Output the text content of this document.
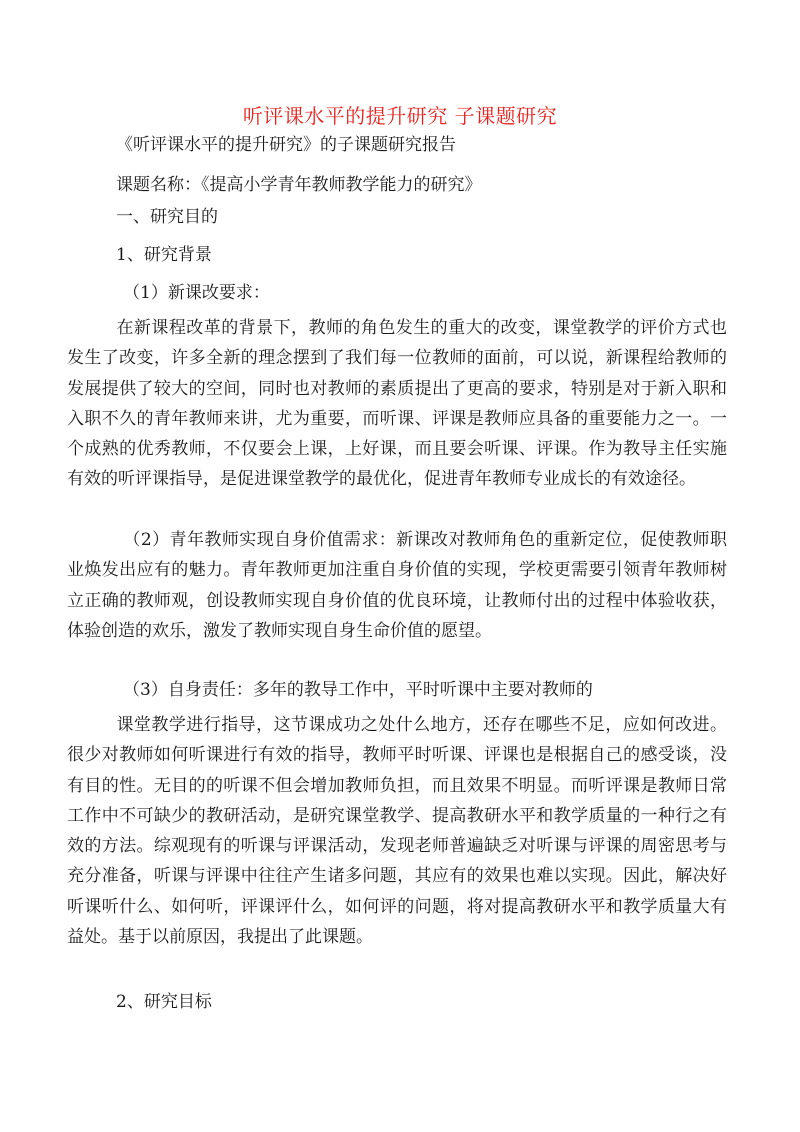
听评课水平的提升研究 子课题研究
《听评课水平的提升研究》的子课题研究报告
课题名称：《提高小学青年教师教学能力的研究》
一、研究目的
1、研究背景
（1）新课改要求：
在新课程改革的背景下，教师的角色发生的重大的改变，课堂教学的评价方式也发生了改变，许多全新的理念摆到了我们每一位教师的面前，可以说，新课程给教师的发展提供了较大的空间，同时也对教师的素质提出了更高的要求，特别是对于新入职和入职不久的青年教师来讲，尤为重要，而听课、评课是教师应具备的重要能力之一。一个成熟的优秀教师，不仅要会上课，上好课，而且要会听课、评课。作为教导主任实施有效的听评课指导，是促进课堂教学的最优化，促进青年教师专业成长的有效途径。
（2）青年教师实现自身价值需求：新课改对教师角色的重新定位，促使教师职业焕发出应有的魅力。青年教师更加注重自身价值的实现，学校更需要引领青年教师树立正确的教师观，创设教师实现自身价值的优良环境，让教师付出的过程中体验收获，体验创造的欢乐，激发了教师实现自身生命价值的愿望。
（3）自身责任：多年的教导工作中，平时听课中主要对教师的
课堂教学进行指导，这节课成功之处什么地方，还存在哪些不足，应如何改进。很少对教师如何听课进行有效的指导，教师平时听课、评课也是根据自己的感受谈，没有目的性。无目的的听课不但会增加教师负担，而且效果不明显。而听评课是教师日常工作中不可缺少的教研活动，是研究课堂教学、提高教研水平和教学质量的一种行之有效的方法。综观现有的听课与评课活动，发现老师普遍缺乏对听课与评课的周密思考与充分准备，听课与评课中往往产生诸多问题，其应有的效果也难以实现。因此，解决好听课听什么、如何听，评课评什么，如何评的问题，将对提高教研水平和教学质量大有益处。基于以前原因，我提出了此课题。
2、研究目标
